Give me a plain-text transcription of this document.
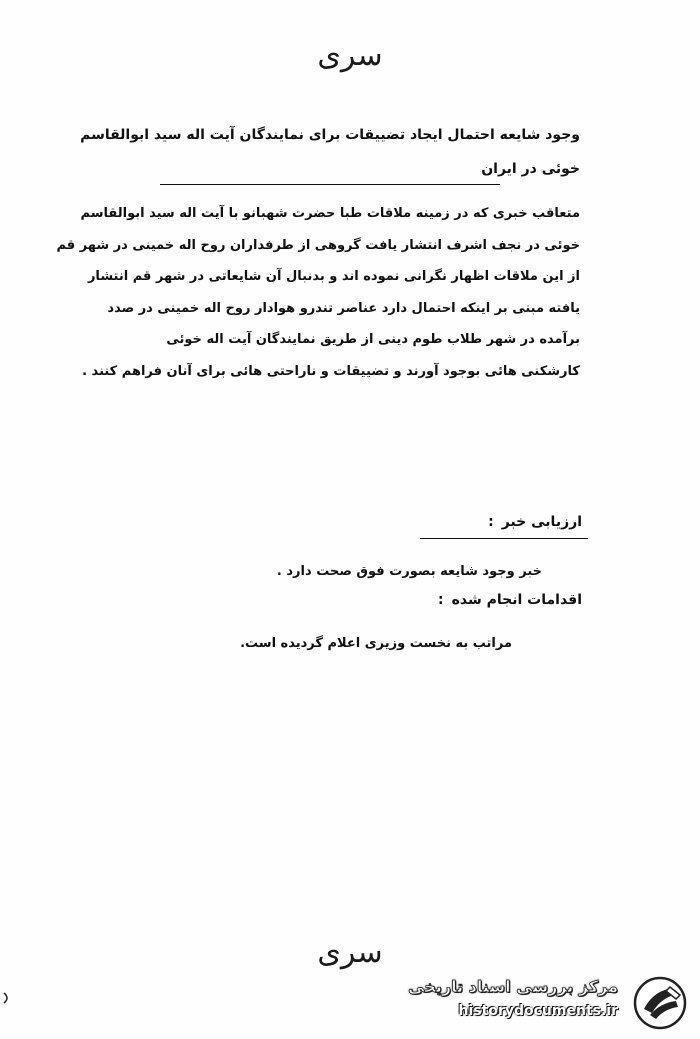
سری
وجود شایعه احتمال ایجاد تضییقات برای نمایندگان آیت اله سید ابوالقاسم
خوئی در ایران
متعاقب خبری که در زمینه ملاقات طبا حضرت شهبانو با آیت اله سید ابوالقاسم
خوئی در نجف اشرف انتشار یافت گروهی از طرفداران روح اله خمینی در شهر قم
از این ملاقات اظهار نگرانی نموده اند و بدنبال آن شایعاتی در شهر قم انتشار
یافته مبنی بر اینکه احتمال دارد عناصر تندرو هوادار روح اله خمینی در صدد
برآمده در شهر طلاب طوم دینی از طریق نمایندگان آیت اله خوئی
کارشکنی هائی بوجود آورند و تضییقات و ناراحتی هائی برای آنان فراهم کنند .
ارزیابی خبر:
خبر وجود شایعه بصورت فوق صحت دارد .
اقدامات انجام شده:
مراتب به نخست وزیری اعلام گردیده است.
سری
مرکز بررسی اسناد تاریخی
historydocuments.ir
